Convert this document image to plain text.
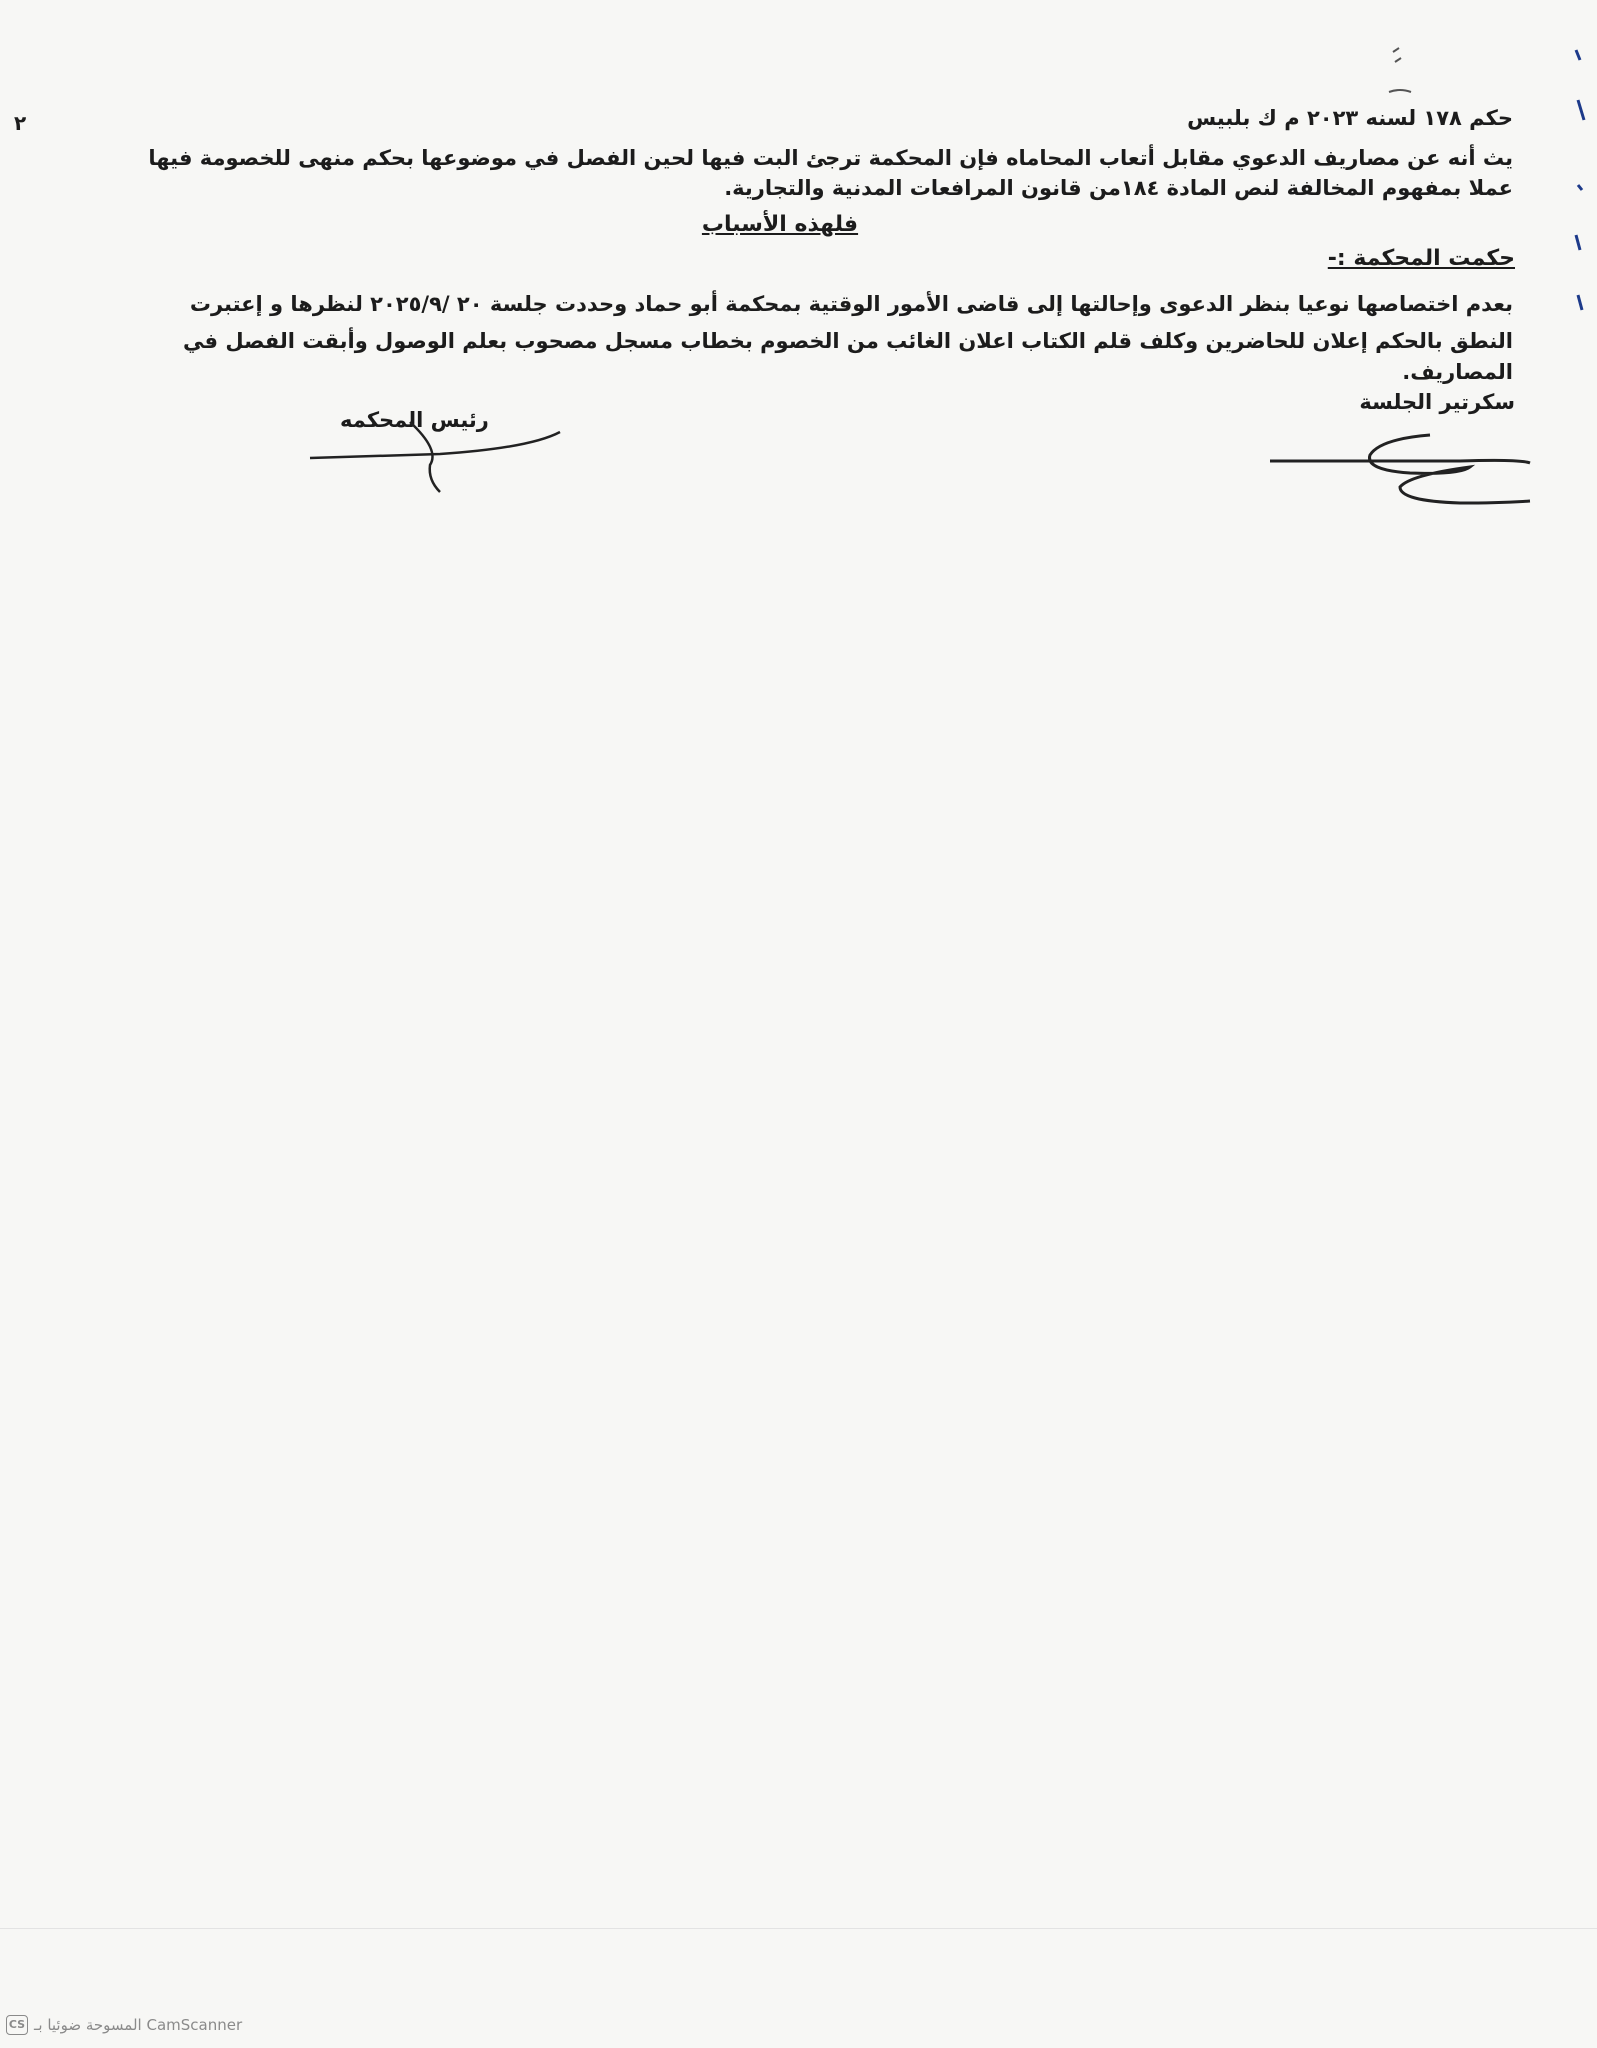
٢	حكم ١٧٨ لسنه ٢٠٢٣ م ك بلبيس
يث أنه عن مصاريف الدعوي مقابل أتعاب المحاماه فإن المحكمة ترجئ البت فيها لحين الفصل في موضوعها بحكم منهى للخصومة فيها
عملا بمفهوم المخالفة لنص المادة ١٨٤من قانون المرافعات المدنية والتجارية.
فلهذه الأسباب
حكمت المحكمة :-
بعدم اختصاصها نوعيا بنظر الدعوى وإحالتها إلى قاضى الأمور الوقتية بمحكمة أبو حماد وحددت جلسة ٢٠ /٢٠٢٥/٩ لنظرها و إعتبرت
النطق بالحكم إعلان للحاضرين وكلف قلم الكتاب اعلان الغائب من الخصوم بخطاب مسجل مصحوب بعلم الوصول وأبقت الفصل في
المصاريف.
سكرتير الجلسة
رئيس المحكمه
CS المسوحة ضوئيا بـ CamScanner
